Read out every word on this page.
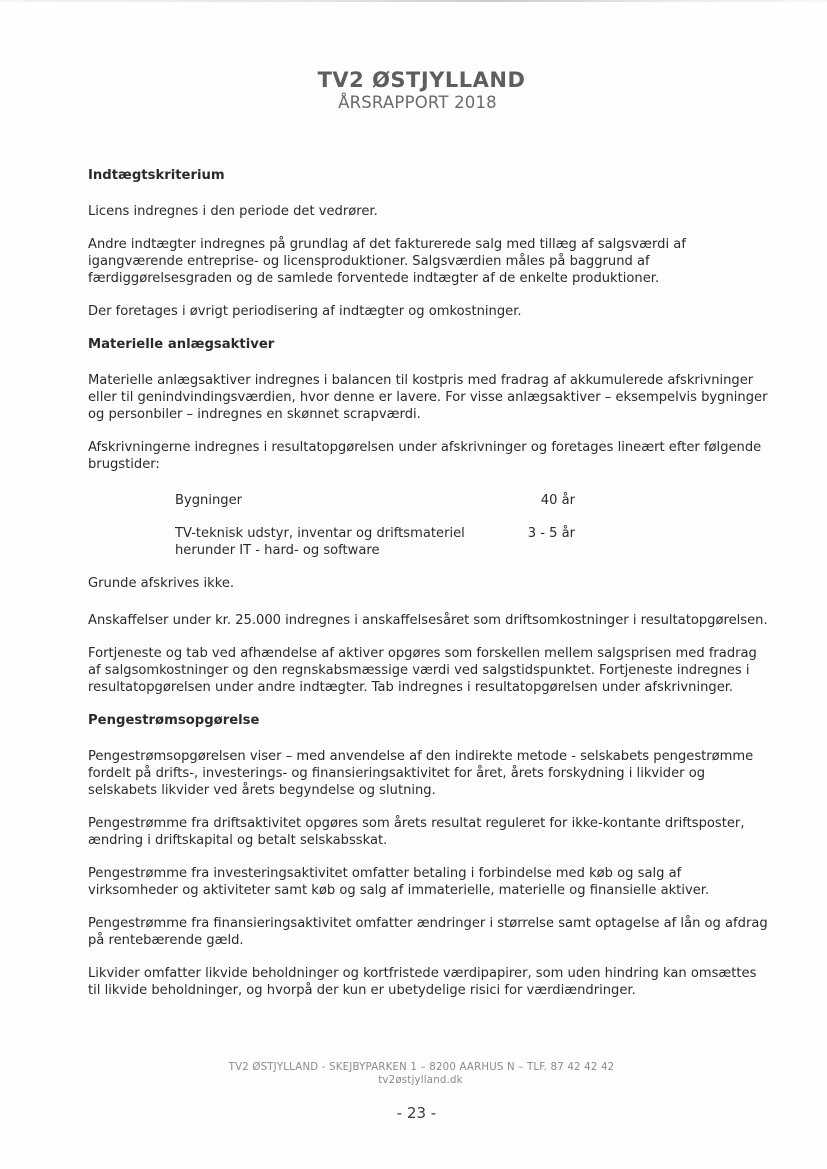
TV2 ØSTJYLLAND
ÅRSRAPPORT 2018
Indtægtskriterium

Licens indregnes i den periode det vedrører.

Andre indtægter indregnes på grundlag af det fakturerede salg med tillæg af salgsværdi af igangværende entreprise- og licensproduktioner. Salgsværdien måles på baggrund af færdiggørelsesgraden og de samlede forventede indtægter af de enkelte produktioner.

Der foretages i øvrigt periodisering af indtægter og omkostninger.

Materielle anlægsaktiver

Materielle anlægsaktiver indregnes i balancen til kostpris med fradrag af akkumulerede afskrivninger eller til genindvindingsværdien, hvor denne er lavere. For visse anlægsaktiver – eksempelvis bygninger og personbiler – indregnes en skønnet scrapværdi.

Afskrivningerne indregnes i resultatopgørelsen under afskrivninger og foretages lineært efter følgende brugstider:

Bygninger	40 år
TV-teknisk udstyr, inventar og driftsmateriel herunder IT - hard- og software
3 - 5 år

Grunde afskrives ikke.

Anskaffelser under kr. 25.000 indregnes i anskaffelsesåret som driftsomkostninger i resultatopgørelsen.

Fortjeneste og tab ved afhændelse af aktiver opgøres som forskellen mellem salgsprisen med fradrag af salgsomkostninger og den regnskabsmæssige værdi ved salgstidspunktet. Fortjeneste indregnes i resultatopgørelsen under andre indtægter. Tab indregnes i resultatopgørelsen under afskrivninger.

Pengestrømsopgørelse

Pengestrømsopgørelsen viser – med anvendelse af den indirekte metode - selskabets pengestrømme fordelt på drifts-, investerings- og finansieringsaktivitet for året, årets forskydning i likvider og selskabets likvider ved årets begyndelse og slutning.

Pengestrømme fra driftsaktivitet opgøres som årets resultat reguleret for ikke-kontante driftsposter, ændring i driftskapital og betalt selskabsskat.

Pengestrømme fra investeringsaktivitet omfatter betaling i forbindelse med køb og salg af virksomheder og aktiviteter samt køb og salg af immaterielle, materielle og finansielle aktiver.

Pengestrømme fra finansieringsaktivitet omfatter ændringer i størrelse samt optagelse af lån og afdrag på rentebærende gæld.

Likvider omfatter likvide beholdninger og kortfristede værdipapirer, som uden hindring kan omsættes til likvide beholdninger, og hvorpå der kun er ubetydelige risici for værdiændringer.

TV2 ØSTJYLLAND - SKEJBYPARKEN 1 – 8200 AARHUS N – TLF. 87 42 42 42
tv2østjylland.dk
- 23 -
